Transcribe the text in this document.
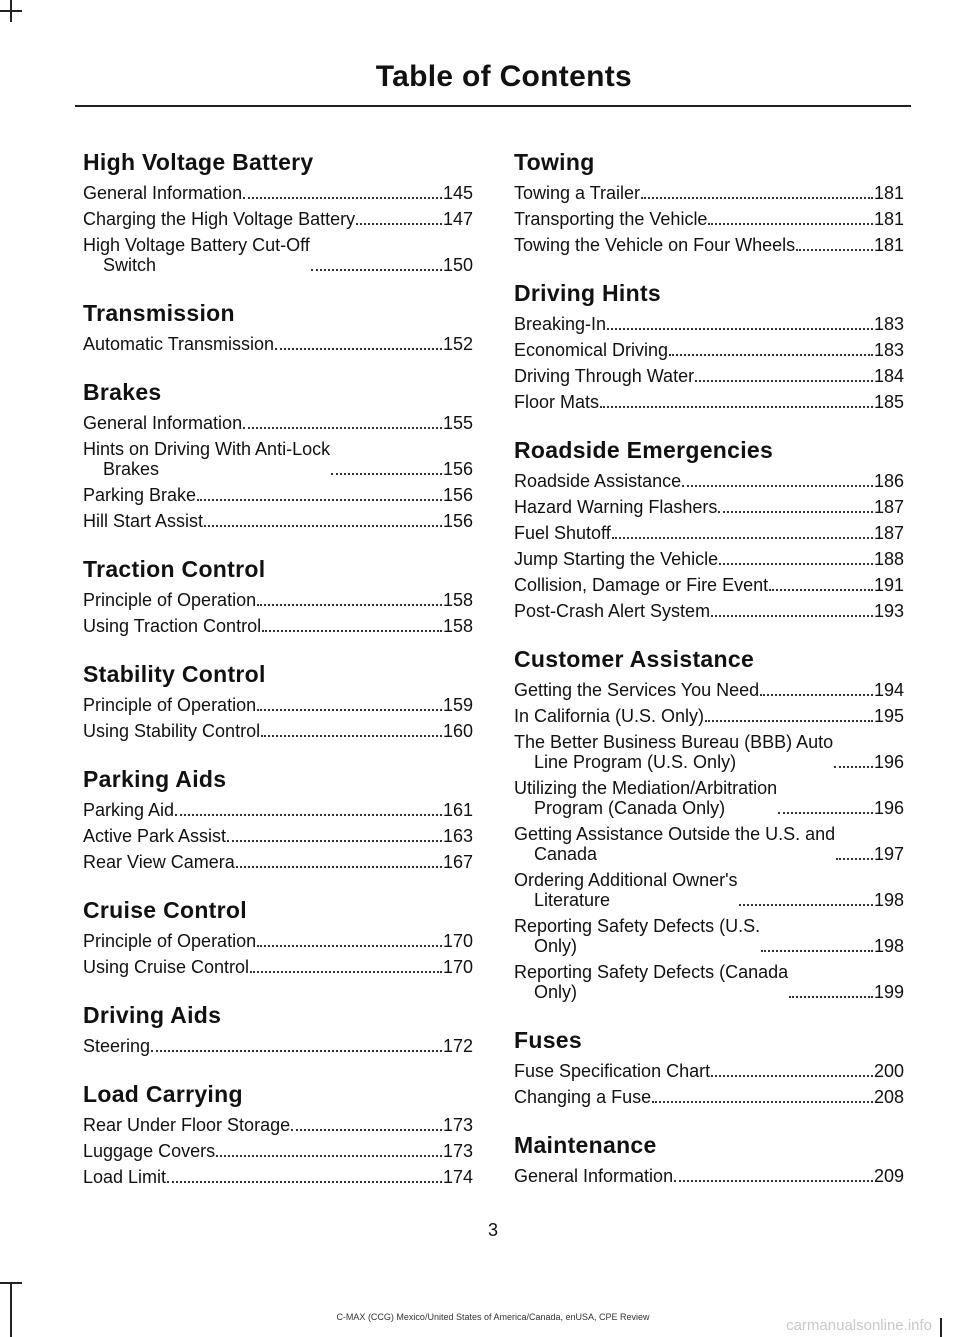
Table of Contents
High Voltage Battery
General Information	145
Charging the High Voltage Battery	147
High Voltage Battery Cut-Off
Switch	150
Transmission
Automatic Transmission	152
Brakes
General Information	155
Hints on Driving With Anti-Lock
Brakes	156
Parking Brake	156
Hill Start Assist	156
Traction Control
Principle of Operation	158
Using Traction Control	158
Stability Control
Principle of Operation	159
Using Stability Control	160
Parking Aids
Parking Aid	161
Active Park Assist	163
Rear View Camera	167
Cruise Control
Principle of Operation	170
Using Cruise Control	170
Driving Aids
Steering	172
Load Carrying
Rear Under Floor Storage	173
Luggage Covers	173
Load Limit	174
Towing
Towing a Trailer	181
Transporting the Vehicle	181
Towing the Vehicle on Four Wheels	181
Driving Hints
Breaking-In	183
Economical Driving	183
Driving Through Water	184
Floor Mats	185
Roadside Emergencies
Roadside Assistance	186
Hazard Warning Flashers	187
Fuel Shutoff	187
Jump Starting the Vehicle	188
Collision, Damage or Fire Event	191
Post-Crash Alert System	193
Customer Assistance
Getting the Services You Need	194
In California (U.S. Only)	195
The Better Business Bureau (BBB) Auto
Line Program (U.S. Only)	196
Utilizing the Mediation/Arbitration
Program (Canada Only)	196
Getting Assistance Outside the U.S. and
Canada	197
Ordering Additional Owner's
Literature	198
Reporting Safety Defects (U.S.
Only)	198
Reporting Safety Defects (Canada
Only)	199
Fuses
Fuse Specification Chart	200
Changing a Fuse	208
Maintenance
General Information	209
3
C-MAX (CCG) Mexico/United States of America/Canada, enUSA, CPE Review	carmanualsonline.info
